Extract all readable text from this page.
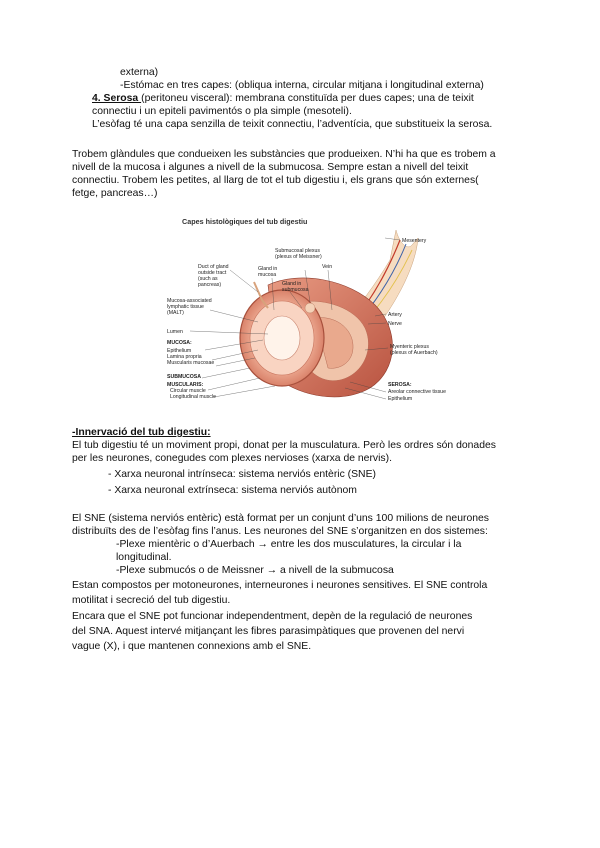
externa)
-Estómac en tres capes: (obliqua interna, circular mitjana i longitudinal externa)
4. Serosa (peritoneu visceral): membrana constituïda per dues capes; una de teixit
connectiu i un epiteli pavimentós o pla simple (mesoteli).
L’esòfag té una capa senzilla de teixit connectiu, l’adventícia, que substitueix la serosa.
Trobem glàndules que condueixen les substàncies que produeixen. N’hi ha que es trobem a
nivell de la mucosa i algunes a nivell de la submucosa. Sempre estan a nivell del teixit
connectiu. Trobem les petites, al llarg de tot el tub digestiu i, els grans que són externes(
fetge, pancreas…)
Capes histològiques del tub digestiu
Duct of gland
outside tract
(such as
pancreas)
Gland in
mucosa
Submucosal plexus
(plexus of Meissner)
Vein
Gland in
submucosa
Mesentery
Mucosa-associated
lymphatic tissue
(MALT)
Lumen
MUCOSA:
Epithelium
Lamina propria
Muscularis mucosae
SUBMUCOSA
MUSCULARIS:
Circular muscle
Longitudinal muscle
Artery
Nerve
Myenteric plexus
(plexus of Auerbach)
SEROSA:
Areolar connective tissue
Epithelium
-Innervació del tub digestiu:
El tub digestiu té un moviment propi, donat per la musculatura. Però les ordres són donades
per les neurones, conegudes com plexes nervioses (xarxa de nervis).
- Xarxa neuronal intrínseca: sistema nerviós entèric (SNE)
- Xarxa neuronal extrínseca: sistema nerviós autònom
El SNE (sistema nerviós entèric) està format per un conjunt d’uns 100 milions de neurones
distribuïts des de l’esòfag fins l’anus. Les neurones del SNE s’organitzen en dos sistemes:
-Plexe mientèric o d’Auerbach → entre les dos musculatures, la circular i la
longitudinal.
-Plexe submucós o de Meissner → a nivell de la submucosa
Estan compostos per motoneurones, interneurones i neurones sensitives. El SNE controla
motilitat i secreció del tub digestiu.
Encara que el SNE pot funcionar independentment, depèn de la regulació de neurones
del SNA. Aquest intervé mitjançant les fibres parasimpàtiques que provenen del nervi
vague (X), i que mantenen connexions amb el SNE.
